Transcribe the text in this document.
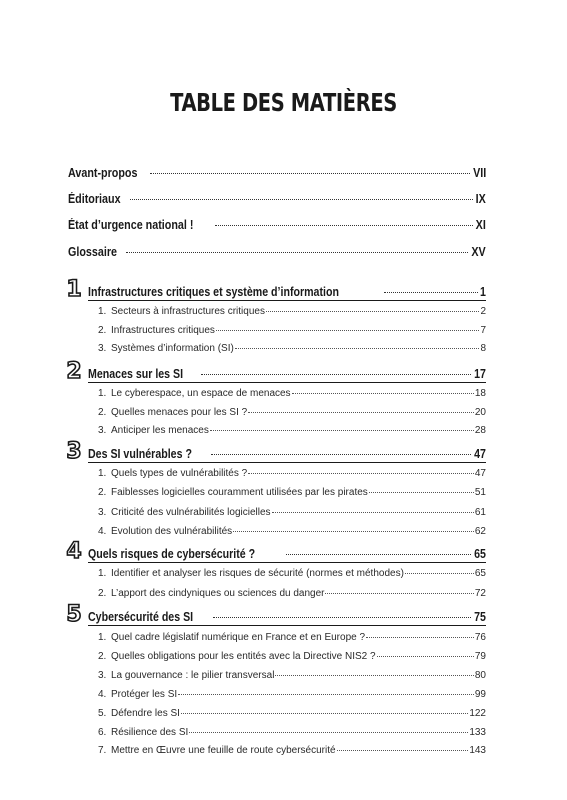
TABLE DES MATIÈRES
Avant-propos	VII
Éditoriaux	IX
État d’urgence national !	XI
Glossaire	XV
1 Infrastructures critiques et système d’information	1
1. Secteurs à infrastructures critiques	2
2. Infrastructures critiques	7
3. Systèmes d’information (SI)	8
2 Menaces sur les SI	17
1. Le cyberespace, un espace de menaces	18
2. Quelles menaces pour les SI ?	20
3. Anticiper les menaces	28
3 Des SI vulnérables ?	47
1. Quels types de vulnérabilités ?	47
2. Faiblesses logicielles couramment utilisées par les pirates	51
3. Criticité des vulnérabilités logicielles	61
4. Évolution des vulnérabilités	62
4 Quels risques de cybersécurité ?	65
1. Identifier et analyser les risques de sécurité (normes et méthodes)	65
2. L’apport des cindyniques ou sciences du danger	72
5 Cybersécurité des SI	75
1. Quel cadre législatif numérique en France et en Europe ?	76
2. Quelles obligations pour les entités avec la Directive NIS2 ?	79
3. La gouvernance : le pilier transversal	80
4. Protéger les SI	99
5. Défendre les SI	122
6. Résilience des SI	133
7. Mettre en Œuvre une feuille de route cybersécurité	143
